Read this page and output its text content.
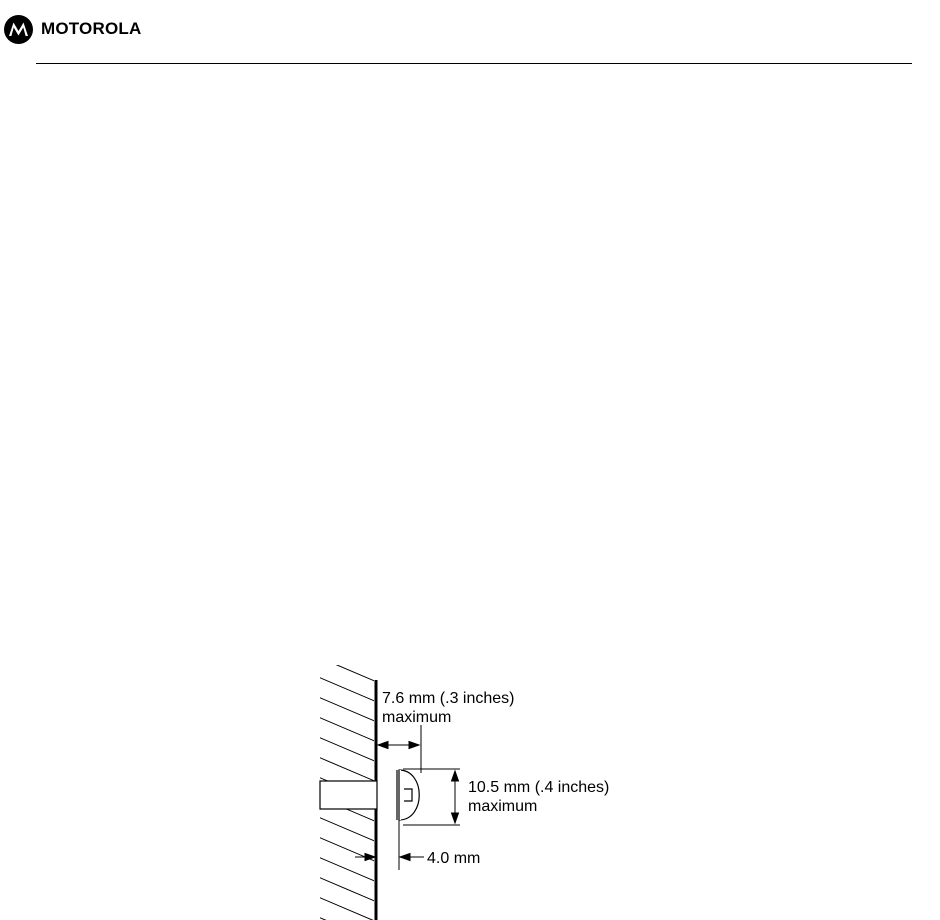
MOTOROLA
7.6 mm (.3 inches)
maximum
10.5 mm (.4 inches)
maximum
4.0 mm
